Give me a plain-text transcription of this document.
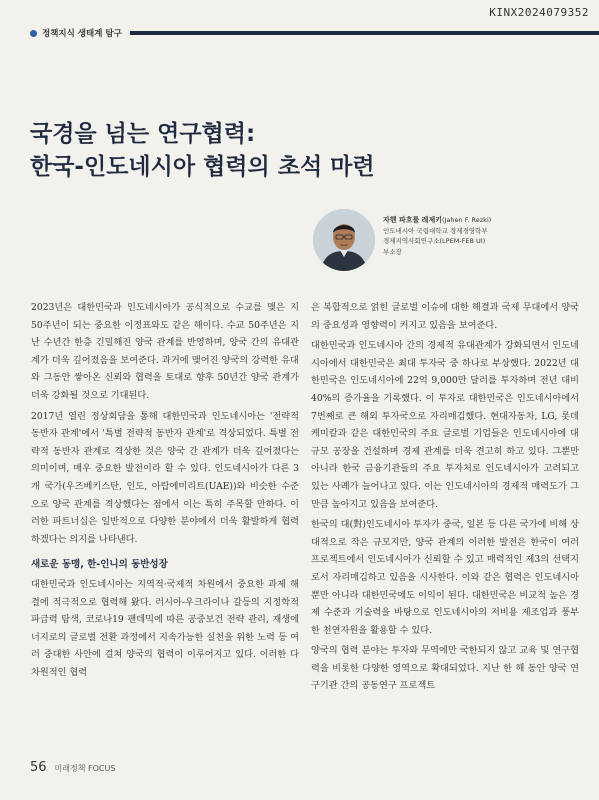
KINX2024079352
정책지식 생태계 탐구
국경을 넘는 연구협력:
한국-인도네시아 협력의 초석 마련
자헨 파흐룰 레제키(Jahen F. Rezki)
인도네시아 국립대학교 경제경영학부
경제지역사회연구소(LPEM-FEB UI)
부소장

2023년은 대한민국과 인도네시아가 공식적으로 수교를 맺은 지 50주년이 되는 중요한 이정표와도 같은 해이다. 수교 50주년은 지난 수년간 한층 긴밀해진 양국 관계를 반영하며, 양국 간의 유대관계가 더욱 깊어졌음을 보여준다. 과거에 맺어진 양국의 강력한 유대와 그동안 쌓아온 신뢰와 협력을 토대로 향후 50년간 양국 관계가 더욱 강화될 것으로 기대된다.

2017년 열린 정상회담을 통해 대한민국과 인도네시아는 '전략적 동반자 관계'에서 '특별 전략적 동반자 관계'로 격상되었다. 특별 전략적 동반자 관계로 격상한 것은 양국 간 관계가 더욱 깊어졌다는 의미이며, 매우 중요한 발전이라 할 수 있다. 인도네시아가 다른 3개 국가(우즈베키스탄, 인도, 아랍에미리트(UAE))와 비슷한 수준으로 양국 관계를 격상했다는 점에서 이는 특히 주목할 만하다. 이러한 파트너십은 일반적으로 다양한 분야에서 더욱 활발하게 협력하겠다는 의지를 나타낸다.

새로운 동맹, 한-인니의 동반성장

대한민국과 인도네시아는 지역적·국제적 차원에서 중요한 과제 해결에 적극적으로 협력해 왔다. 러시아-우크라이나 갈등의 지정학적 파급력 탐색, 코로나19 팬데믹에 따른 공중보건 전략 관리, 재생에너지로의 글로벌 전환 과정에서 지속가능한 실천을 위한 노력 등 여러 중대한 사안에 걸쳐 양국의 협력이 이루어지고 있다. 이러한 다차원적인 협력

은 복합적으로 얽힌 글로벌 이슈에 대한 해결과 국제 무대에서 양국의 중요성과 영향력이 커지고 있음을 보여준다.

대한민국과 인도네시아 간의 경제적 유대관계가 강화되면서 인도네시아에서 대한민국은 최대 투자국 중 하나로 부상했다. 2022년 대한민국은 인도네시아에 22억 9,000만 달러를 투자하며 전년 대비 40%의 증가율을 기록했다. 이 투자로 대한민국은 인도네시아에서 7번째로 큰 해외 투자국으로 자리매김했다. 현대자동차, LG, 롯데케미칼과 같은 대한민국의 주요 글로벌 기업들은 인도네시아에 대규모 공장을 건설하며 경제 관계를 더욱 견고히 하고 있다. 그뿐만 아니라 한국 금융기관들의 주요 투자처로 인도네시아가 고려되고 있는 사례가 늘어나고 있다. 이는 인도네시아의 경제적 매력도가 그만큼 높아지고 있음을 보여준다.

한국의 대(對)인도네시아 투자가 중국, 일본 등 다른 국가에 비해 상대적으로 작은 규모지만, 양국 관계의 이러한 발전은 한국이 여러 프로젝트에서 인도네시아가 신뢰할 수 있고 매력적인 제3의 선택지로서 자리매김하고 있음을 시사한다. 이와 같은 협력은 인도네시아뿐만 아니라 대한민국에도 이익이 된다. 대한민국은 비교적 높은 경제 수준과 기술력을 바탕으로 인도네시아의 저비용 제조업과 풍부한 천연자원을 활용할 수 있다.

양국의 협력 분야는 투자와 무역에만 국한되지 않고 교육 및 연구협력을 비롯한 다양한 영역으로 확대되었다. 지난 한 해 동안 양국 연구기관 간의 공동연구 프로젝트

56 미래정책 FOCUS
